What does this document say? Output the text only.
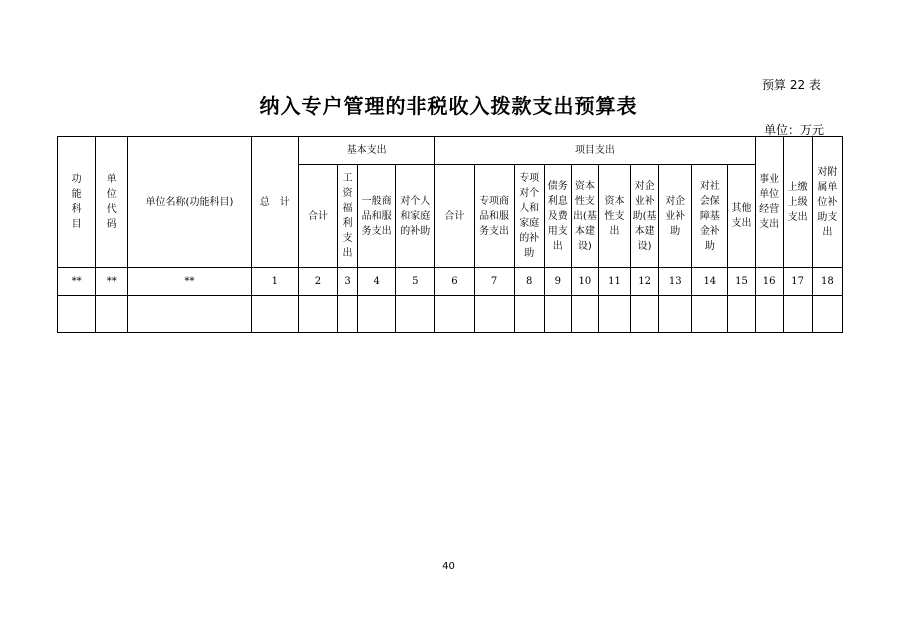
预算 22 表
纳入专户管理的非税收入拨款支出预算表
单位：万元
功能科目	单位代码	单位名称(功能科目)	总　计	基本支出				项目支出										事业单位经营支出	上缴上级支出	对附属单位补助支出
				合计	工资福利支出	一般商品和服务支出	对个人和家庭的补助	合计	专项商品和服务支出	专项对个人和家庭的补助	债务利息及费用支出	资本性支出(基本建设)	资本性支出	对企业补助(基本建设)	对企业补助	对社会保障基金补助	其他支出			
**	**	**	1	2	3	4	5	6	7	8	9	10	11	12	13	14	15	16	17	18

40
